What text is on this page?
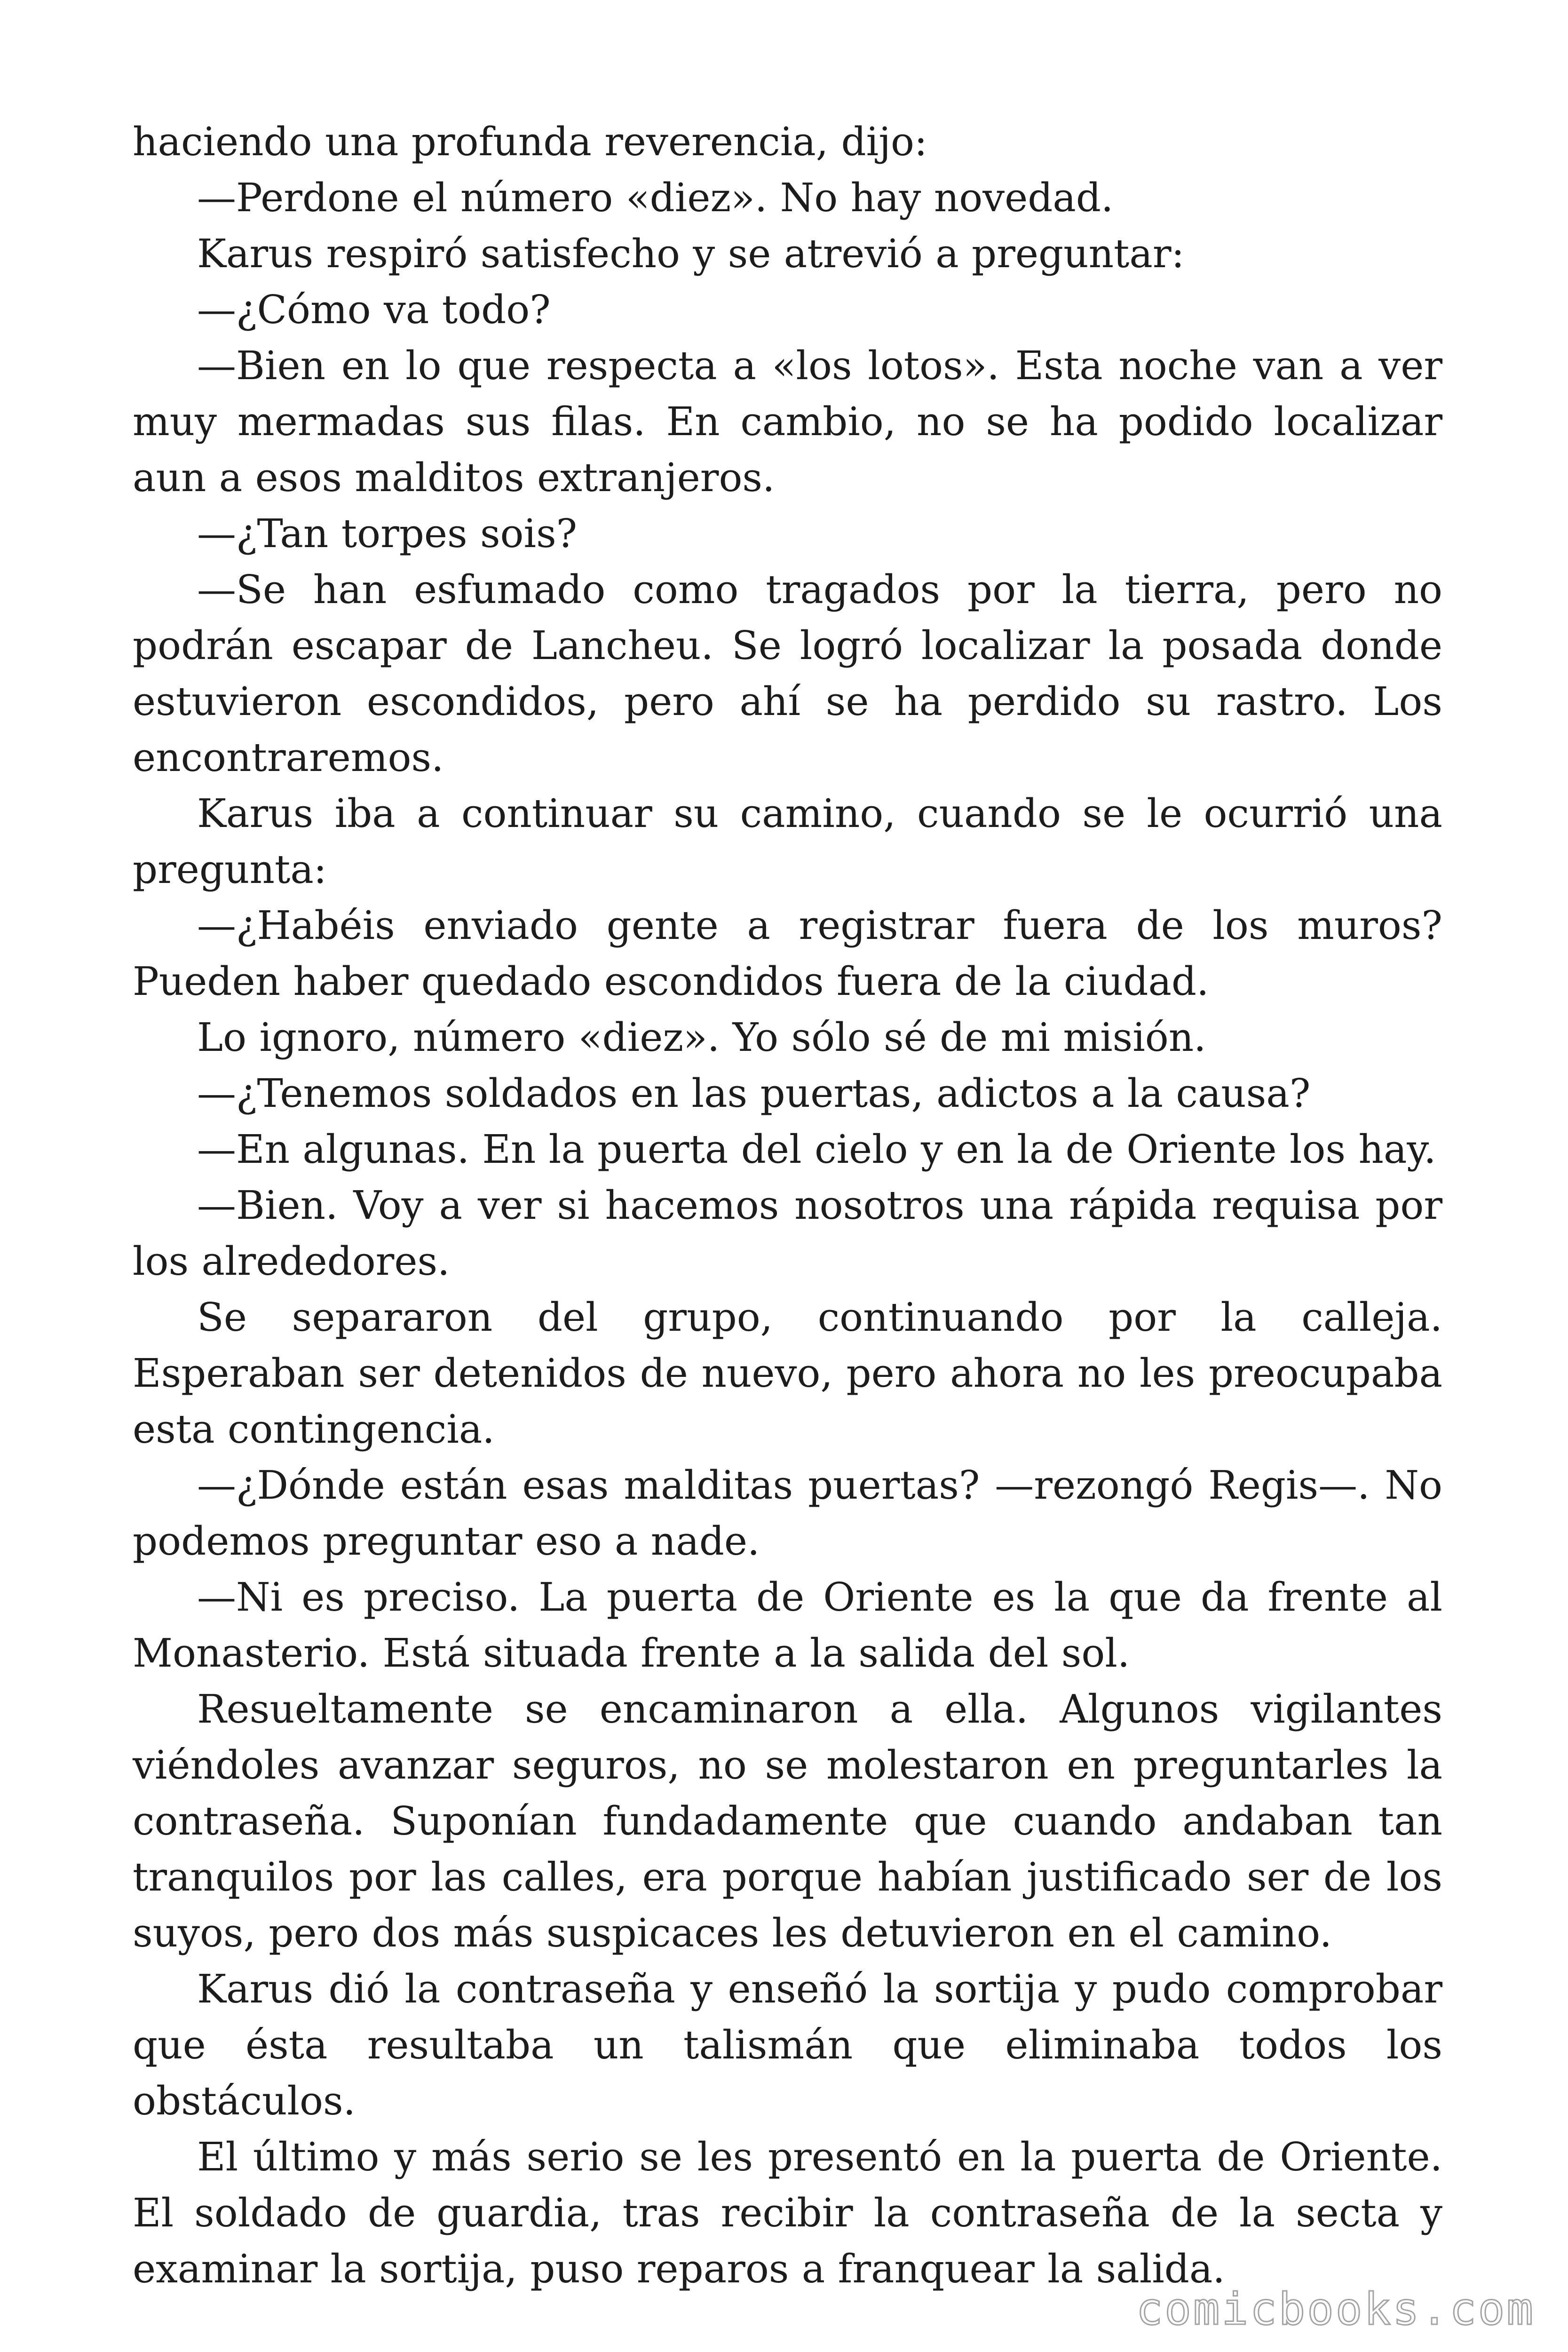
haciendo una profunda reverencia, dijo:

—Perdone el número «diez». No hay novedad.

Karus respiró satisfecho y se atrevió a preguntar:

—¿Cómo va todo?

—Bien en lo que respecta a «los lotos». Esta noche van a ver muy mermadas sus filas. En cambio, no se ha podido localizar aun a esos malditos extranjeros.

—¿Tan torpes sois?

—Se han esfumado como tragados por la tierra, pero no podrán escapar de Lancheu. Se logró localizar la posada donde estuvieron escondidos, pero ahí se ha perdido su rastro. Los encontraremos.

Karus iba a continuar su camino, cuando se le ocurrió una pregunta:

—¿Habéis enviado gente a registrar fuera de los muros? Pueden haber quedado escondidos fuera de la ciudad.

Lo ignoro, número «diez». Yo sólo sé de mi misión.

—¿Tenemos soldados en las puertas, adictos a la causa?

—En algunas. En la puerta del cielo y en la de Oriente los hay.

—Bien. Voy a ver si hacemos nosotros una rápida requisa por los alrededores.

Se separaron del grupo, continuando por la calleja. Esperaban ser detenidos de nuevo, pero ahora no les preocupaba esta contingencia.

—¿Dónde están esas malditas puertas? —rezongó Regis—. No podemos preguntar eso a nade.

—Ni es preciso. La puerta de Oriente es la que da frente al Monasterio. Está situada frente a la salida del sol.

Resueltamente se encaminaron a ella. Algunos vigilantes viéndoles avanzar seguros, no se molestaron en preguntarles la contraseña. Suponían fundadamente que cuando andaban tan tranquilos por las calles, era porque habían justificado ser de los suyos, pero dos más suspicaces les detuvieron en el camino.

Karus dió la contraseña y enseñó la sortija y pudo comprobar que ésta resultaba un talismán que eliminaba todos los obstáculos.

El último y más serio se les presentó en la puerta de Oriente. El soldado de guardia, tras recibir la contraseña de la secta y examinar la sortija, puso reparos a franquear la salida.

comicbooks.com
